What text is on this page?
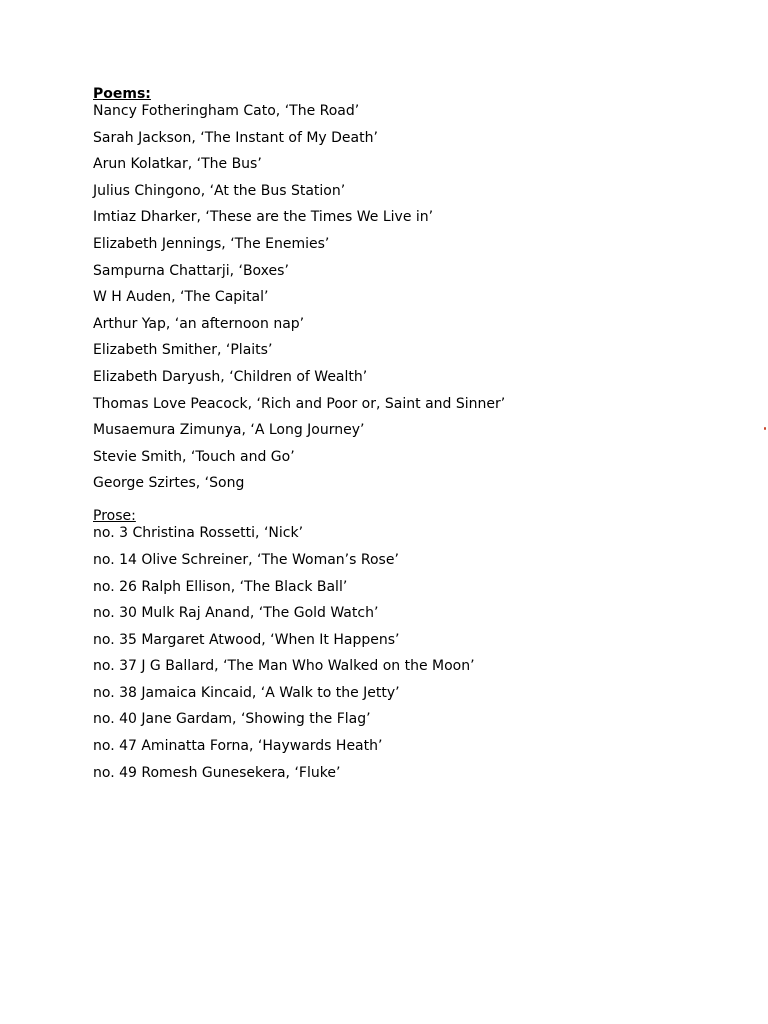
Poems:
Nancy Fotheringham Cato, ‘The Road’
Sarah Jackson, ‘The Instant of My Death’
Arun Kolatkar, ‘The Bus’
Julius Chingono, ‘At the Bus Station’
Imtiaz Dharker, ‘These are the Times We Live in’
Elizabeth Jennings, ‘The Enemies’
Sampurna Chattarji, ‘Boxes’
W H Auden, ‘The Capital’
Arthur Yap, ‘an afternoon nap’
Elizabeth Smither, ‘Plaits’
Elizabeth Daryush, ‘Children of Wealth’
Thomas Love Peacock, ‘Rich and Poor or, Saint and Sinner’
Musaemura Zimunya, ‘A Long Journey’
Stevie Smith, ‘Touch and Go’
George Szirtes, ‘Song
Prose:
no. 3 Christina Rossetti, ‘Nick’
no. 14 Olive Schreiner, ‘The Woman’s Rose’
no. 26 Ralph Ellison, ‘The Black Ball’
no. 30 Mulk Raj Anand, ‘The Gold Watch’
no. 35 Margaret Atwood, ‘When It Happens’
no. 37 J G Ballard, ‘The Man Who Walked on the Moon’
no. 38 Jamaica Kincaid, ‘A Walk to the Jetty’
no. 40 Jane Gardam, ‘Showing the Flag’
no. 47 Aminatta Forna, ‘Haywards Heath’
no. 49 Romesh Gunesekera, ‘Fluke’
